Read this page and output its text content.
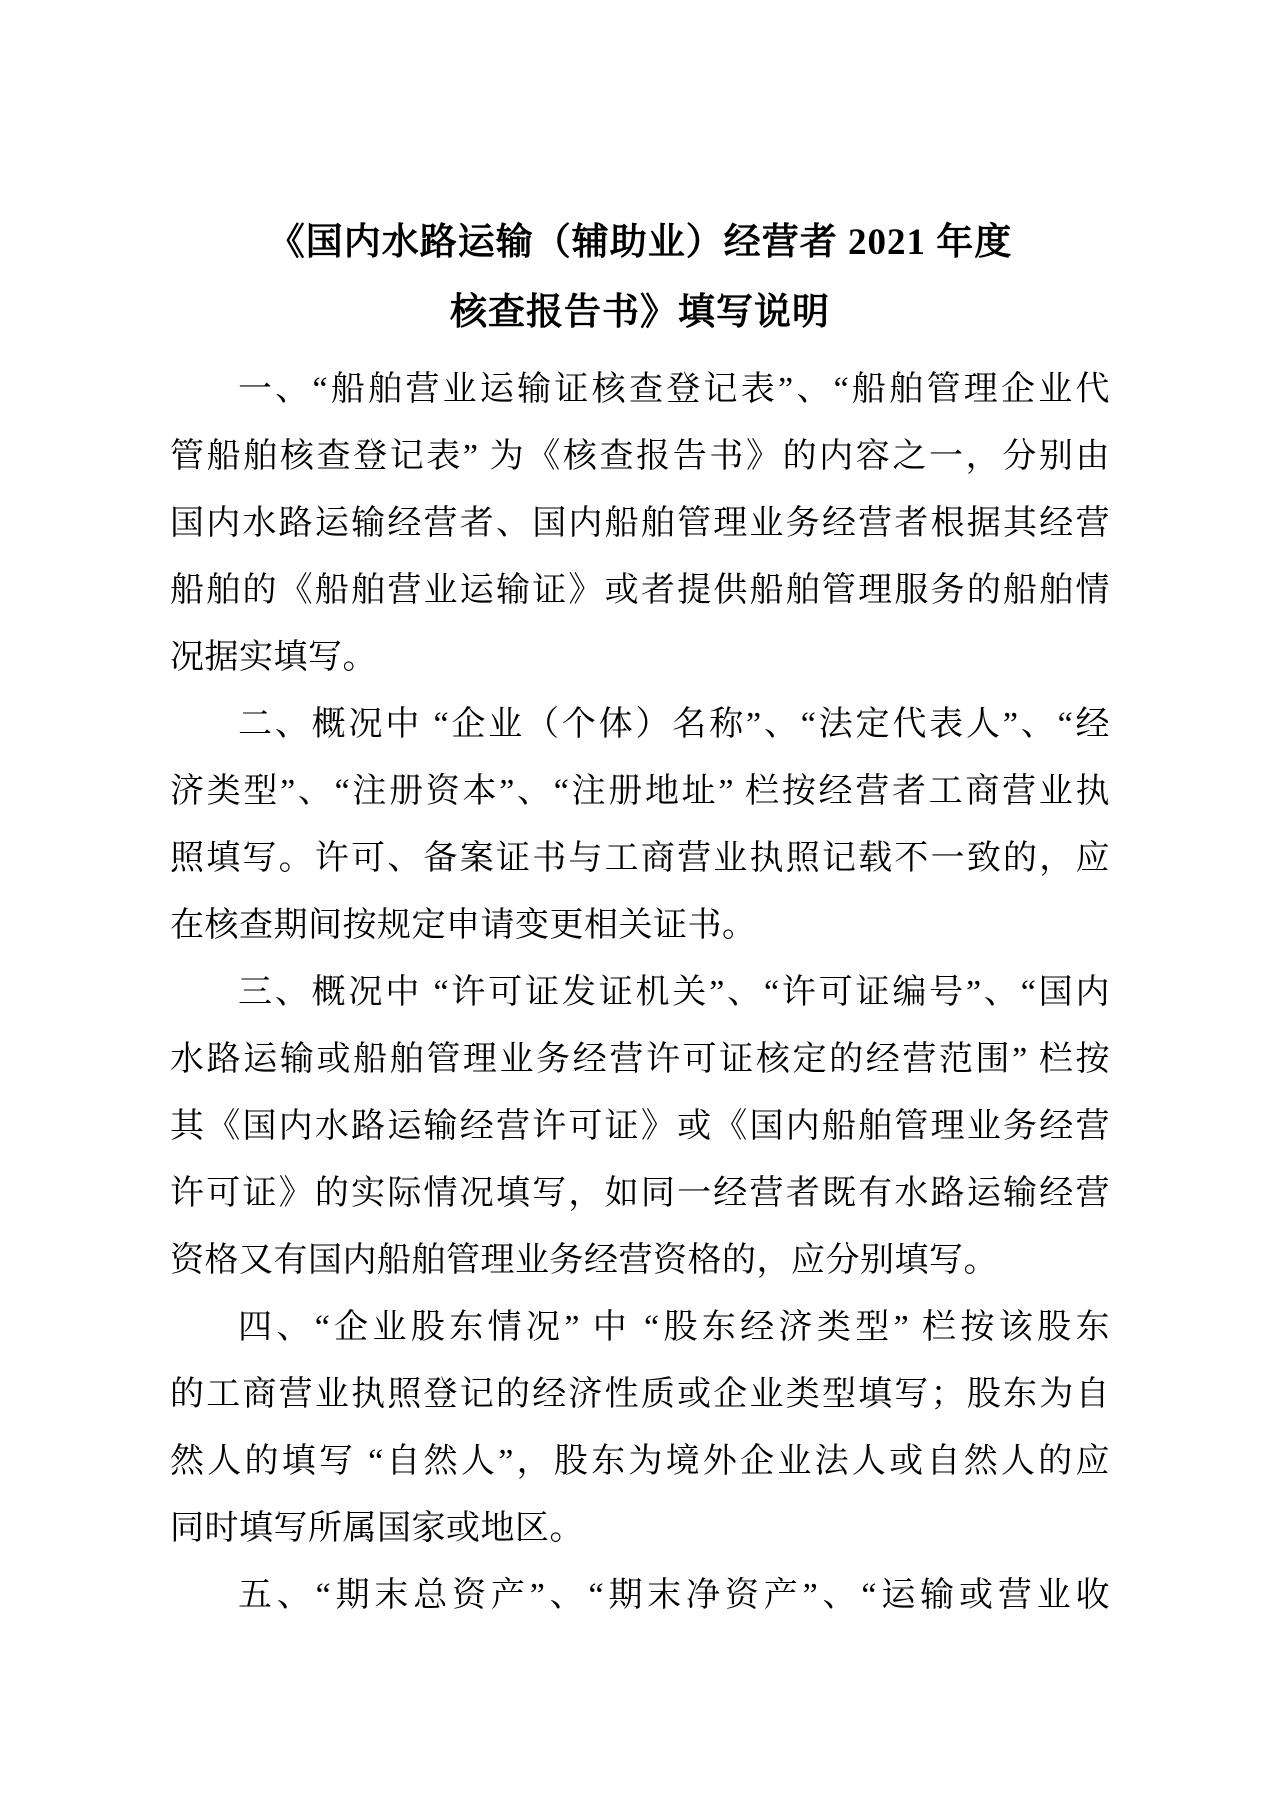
《国内水路运输（辅助业）经营者 2021 年度
核查报告书》填写说明
一、“船舶营业运输证核查登记表”、“船舶管理企业代
管船舶核查登记表” 为《核查报告书》的内容之一，分别由
国内水路运输经营者、国内船舶管理业务经营者根据其经营
船舶的《船舶营业运输证》或者提供船舶管理服务的船舶情
况据实填写。
二、概况中 “企业（个体）名称”、“法定代表人”、“经
济类型”、“注册资本”、“注册地址” 栏按经营者工商营业执
照填写。许可、备案证书与工商营业执照记载不一致的，应
在核查期间按规定申请变更相关证书。
三、概况中 “许可证发证机关”、“许可证编号”、“国内
水路运输或船舶管理业务经营许可证核定的经营范围” 栏按
其《国内水路运输经营许可证》或《国内船舶管理业务经营
许可证》的实际情况填写，如同一经营者既有水路运输经营
资格又有国内船舶管理业务经营资格的，应分别填写。
四、“企业股东情况” 中 “股东经济类型” 栏按该股东
的工商营业执照登记的经济性质或企业类型填写；股东为自
然人的填写 “自然人”，股东为境外企业法人或自然人的应
同时填写所属国家或地区。
五、“期末总资产”、“期末净资产”、“运输或营业收
